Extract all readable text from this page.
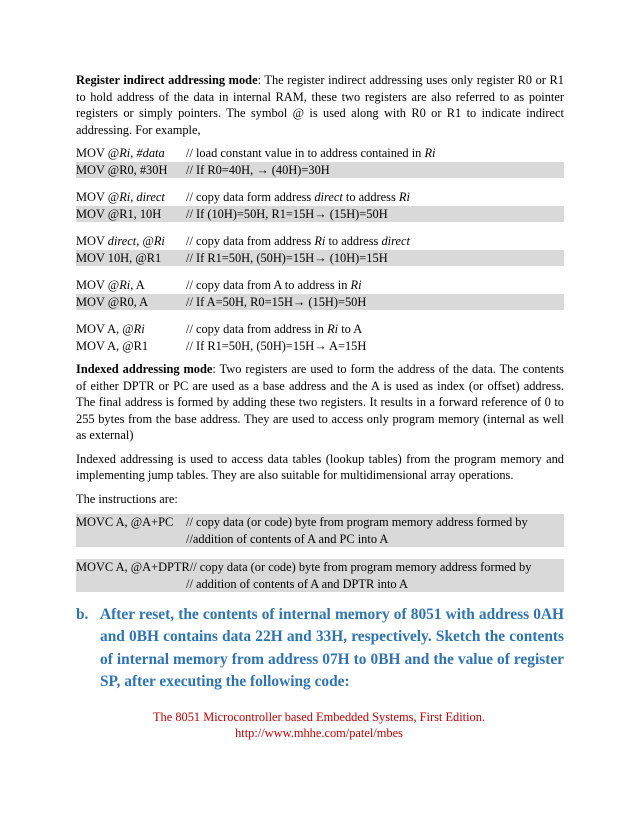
Register indirect addressing mode: The register indirect addressing uses only register R0 or R1 to hold address of the data in internal RAM, these two registers are also referred to as pointer registers or simply pointers. The symbol @ is used along with R0 or R1 to indicate indirect addressing. For example,

MOV @Ri, #data	// load constant value in to address contained in Ri
MOV @R0, #30H	// If R0=40H, → (40H)=30H
MOV @Ri, direct	// copy data form address direct to address Ri
MOV @R1, 10H	// If (10H)=50H, R1=15H→ (15H)=50H
MOV direct, @Ri	// copy data from address Ri to address direct
MOV 10H, @R1	// If R1=50H, (50H)=15H→ (10H)=15H
MOV @Ri, A	// copy data from A to address in Ri
MOV @R0, A	// If A=50H, R0=15H→ (15H)=50H
MOV A, @Ri	// copy data from address in Ri to A
MOV A, @R1	// If R1=50H, (50H)=15H→ A=15H

Indexed addressing mode: Two registers are used to form the address of the data. The contents of either DPTR or PC are used as a base address and the A is used as index (or offset) address. The final address is formed by adding these two registers. It results in a forward reference of 0 to 255 bytes from the base address. They are used to access only program memory (internal as well as external)

Indexed addressing is used to access data tables (lookup tables) from the program memory and implementing jump tables. They are also suitable for multidimensional array operations.

The instructions are:

MOVC A, @A+PC	// copy data (or code) byte from program memory address formed by
//addition of contents of A and PC into A
MOVC A, @A+DPTR // copy data (or code) byte from program memory address formed by
// addition of contents of A and DPTR into A
b. After reset, the contents of internal memory of 8051 with address 0AH and 0BH contains data 22H and 33H, respectively. Sketch the contents of internal memory from address 07H to 0BH and the value of register SP, after executing the following code:
The 8051 Microcontroller based Embedded Systems, First Edition.
http://www.mhhe.com/patel/mbes
